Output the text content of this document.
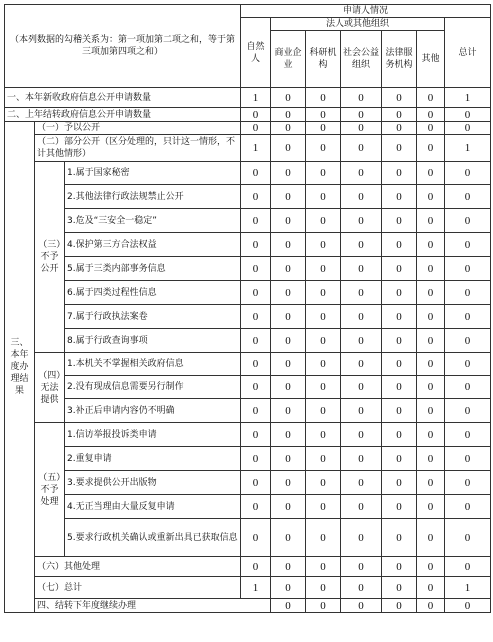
（本列数据的勾稽关系为：第一项加第二项之和，等于第三项加第四项之和）			申请人情况							
			自然人	法人或其他组织					总计	
				商业企业	科研机构	社会公益组织	法律服务机构	其他		
一、本年新收政府信息公开申请数量			1	0	0	0	0	0	1	
二、上年结转政府信息公开申请数量			0	0	0	0	0	0	0	
三、本年度办理结果	（一）予以公开		0	0	0	0	0	0	0	
	（二）部分公开（区分处理的，只计这一情形，不计其他情形）		1	0	0	0	0	0	1	
	（三）不予公开	1.属于国家秘密	0	0	0	0	0	0	0	
		2.其他法律行政法规禁止公开	0	0	0	0	0	0	0	
		3.危及“三安全一稳定”	0	0	0	0	0	0	0	
		4.保护第三方合法权益	0	0	0	0	0	0	0	
		5.属于三类内部事务信息	0	0	0	0	0	0	0	
		6.属于四类过程性信息	0	0	0	0	0	0	0	
		7.属于行政执法案卷	0	0	0	0	0	0	0	
		8.属于行政查询事项	0	0	0	0	0	0	0	
	（四）无法提供	1.本机关不掌握相关政府信息	0	0	0	0	0	0	0	
		2.没有现成信息需要另行制作	0	0	0	0	0	0	0	
		3.补正后申请内容仍不明确	0	0	0	0	0	0	0	
	（五）不予处理	1.信访举报投诉类申请	0	0	0	0	0	0	0	
		2.重复申请	0	0	0	0	0	0	0	
		3.要求提供公开出版物	0	0	0	0	0	0	0	
		4.无正当理由大量反复申请	0	0	0	0	0	0	0	
		5.要求行政机关确认或重新出具已获取信息	0	0	0	0	0	0	0	
	（六）其他处理		0	0	0	0	0	0	0	
	（七）总计		1	0	0	0	0	0	1	
	四、结转下年度继续办理			0	0	0	0	0	0	
